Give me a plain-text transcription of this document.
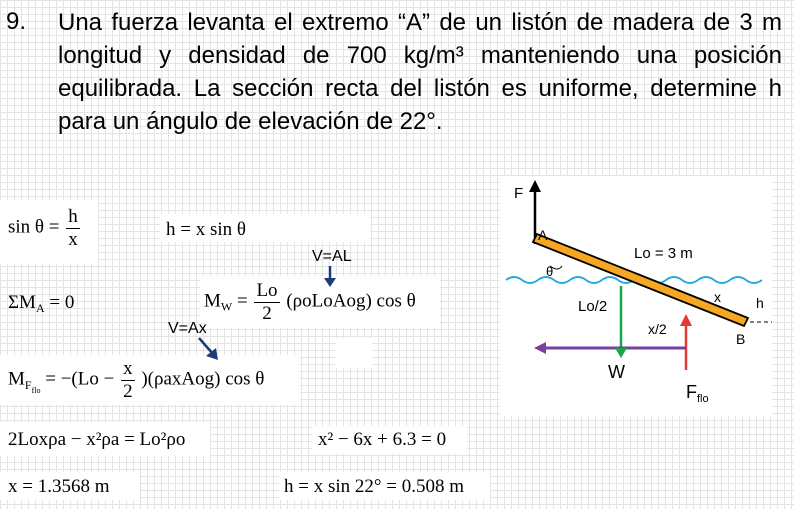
9. Una fuerza levanta el extremo “A” de un listón de madera de 3 m longitud y densidad de 700 kg/m³ manteniendo una posición equilibrada. La sección recta del listón es uniforme, determine h para un ángulo de elevación de 22°.
$\sin \theta = \frac{h}{x}$	h = x sin θ
V=AL
$\Sigma M_A = 0$	$M_W = \frac{Lo}{2}$ (ρoLoAog) cos θ
V=Ax
$M_{F_{flo}} = -(Lo - \frac{x}{2}$ )(ρaxAog) cos θ
2Loxρa − x²ρa = Lo²ρo	x² − 6x + 6.3 = 0
x = 1.3568 m	h = x sin 22° = 0.508 m
F
A
B
Lo = 3 m
θ
Lo/2
x/2
x	h
W
$F_{flo}$
